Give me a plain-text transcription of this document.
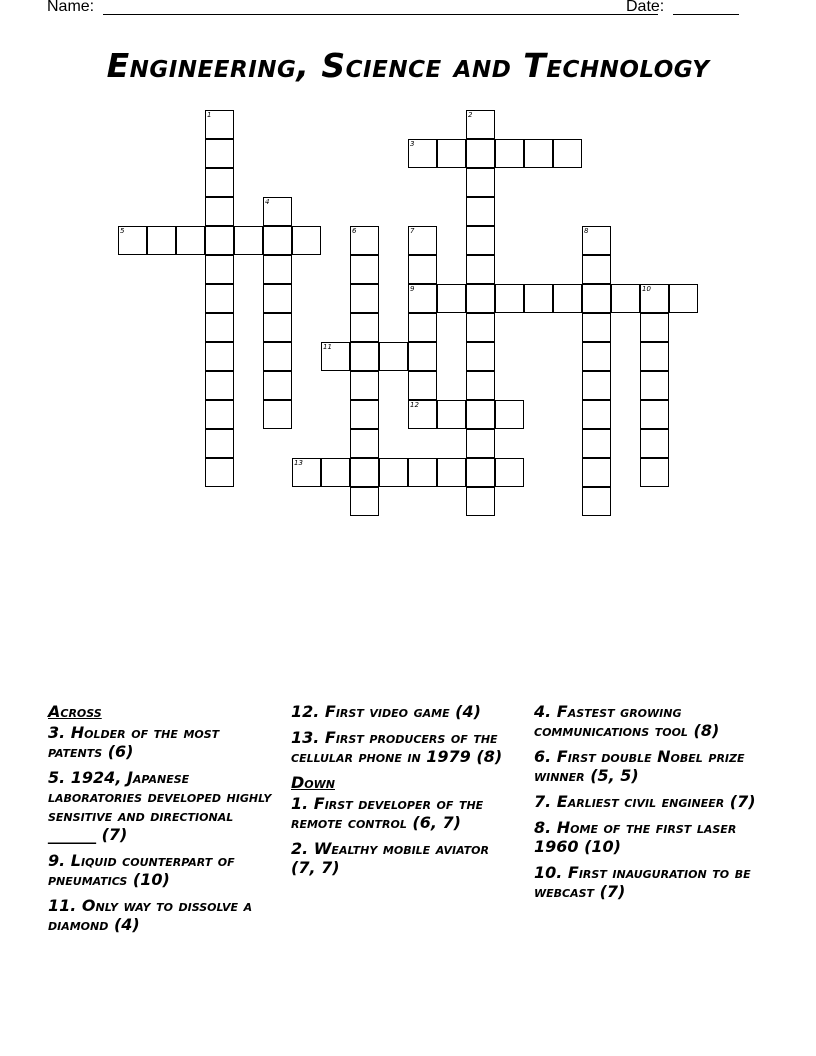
Name:	Date:
Engineering, Science and Technology
1	2
3
4
5	6	7
9
12
8
10
11
13
Across
3. Holder of the most patents (6)
5. 1924, Japanese laboratories developed highly sensitive and directional ______ (7)
9. Liquid counterpart of pneumatics (10)
11. Only way to dissolve a diamond (4)
12. First video game (4)
13. First producers of the cellular phone in 1979 (8)
Down
1. First developer of the remote control (6, 7)
2. Wealthy mobile aviator (7, 7)
4. Fastest growing communications tool (8)
6. First double Nobel prize winner (5, 5)
7. Earliest civil engineer (7)
8. Home of the first laser 1960 (10)
10. First inauguration to be webcast (7)
